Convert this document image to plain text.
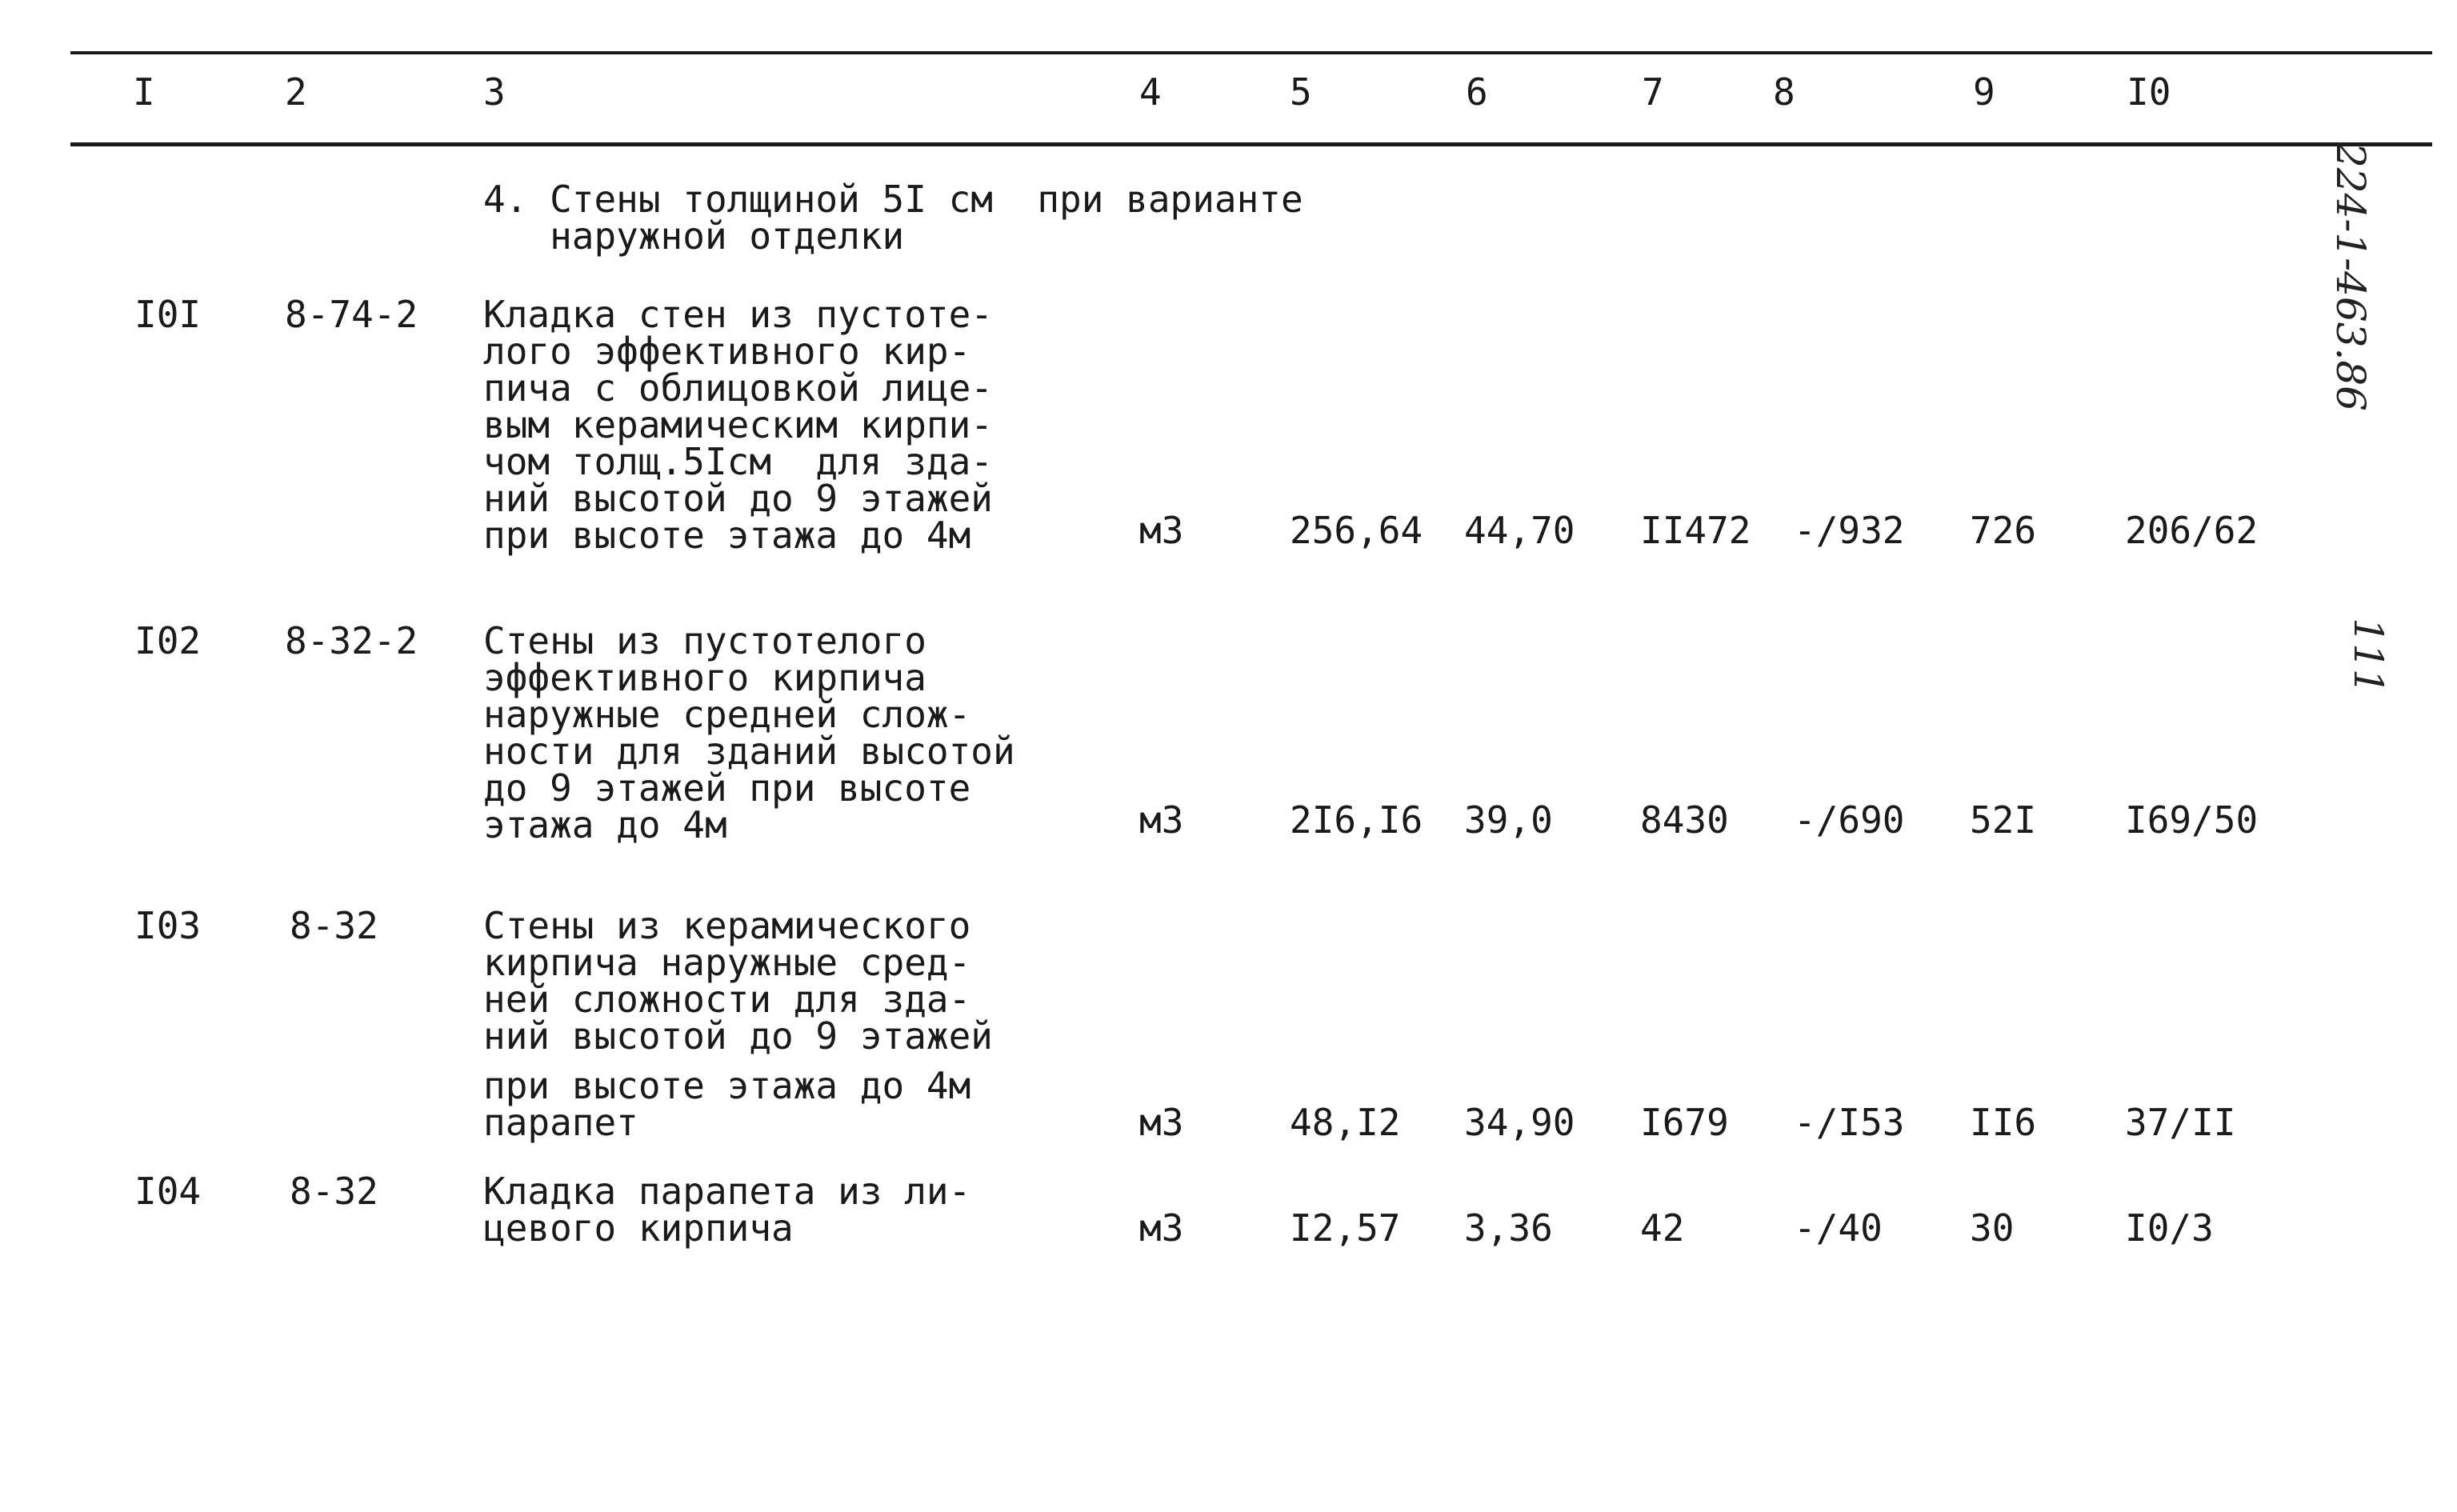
I	2	3	4	5	6	7	8	9	I0
4. Стены толщиной 5I см  при варианте
наружной отделки
I0I 8-74-2 Кладка стен из пустоте-
лого эффективного кир-
пича с облицовкой лице-
вым керамическим кирпи-
чом толщ.5Iсм  для зда-
ний высотой до 9 этажей
при высоте этажа до 4м	м3	256,64 44,70 II472 -/932 726 206/62
I02 8-32-2 Стены из пустотелого
эффективного кирпича
наружные средней слож-
ности для зданий высотой
до 9 этажей при высоте
этажа до 4м	м3	2I6,I6 39,0 8430 -/690 52I I69/50
I03 8-32	Стены из керамического
кирпича наружные сред-
ней сложности для зда-
ний высотой до 9 этажей
при высоте этажа до 4м
парапет	м3	48,I2 34,90 I679 -/I53 II6 37/II
I04 8-32	Кладка парапета из ли-
цевого кирпича	м3	I2,57 3,36 42	-/40 30	I0/3
224-1-463.86
111
